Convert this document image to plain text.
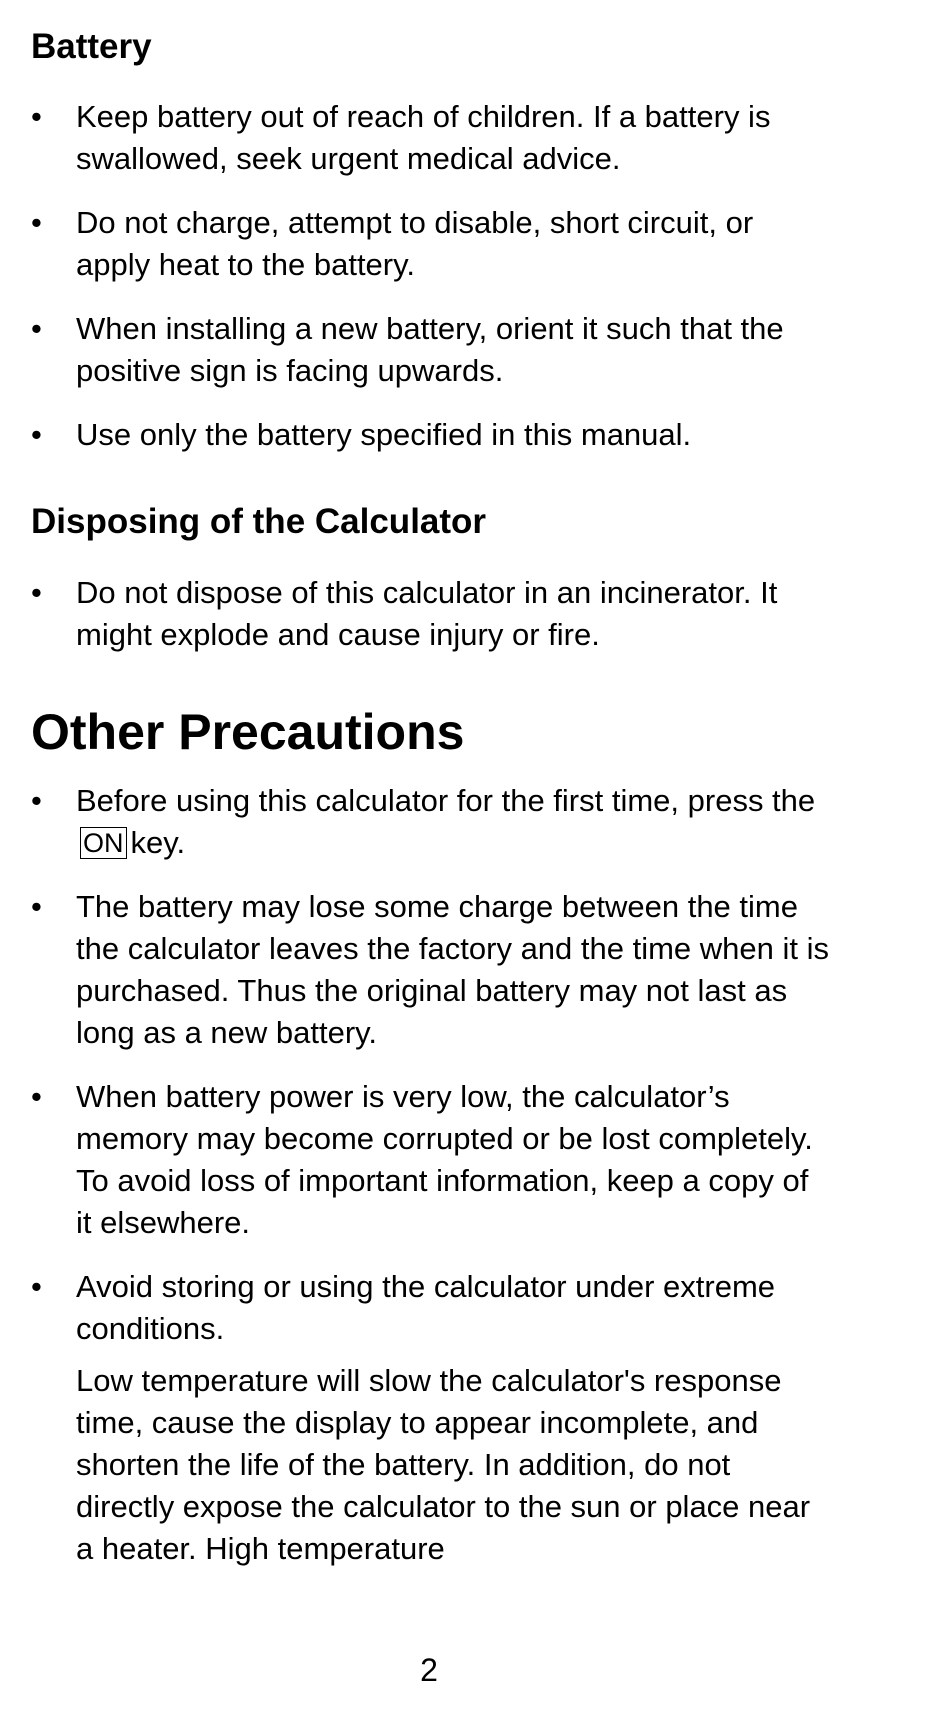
Battery
• Keep battery out of reach of children. If a battery is swallowed, seek urgent medical advice.
• Do not charge, attempt to disable, short circuit, or apply heat to the battery.
• When installing a new battery, orient it such that the positive sign is facing upwards.
• Use only the battery specified in this manual.
Disposing of the Calculator
• Do not dispose of this calculator in an incinerator. It might explode and cause injury or fire.
Other Precautions
• Before using this calculator for the first time, press the ON key.
• The battery may lose some charge between the time the calculator leaves the factory and the time when it is purchased. Thus the original battery may not last as long as a new battery.
• When battery power is very low, the calculator’s memory may become corrupted or be lost completely. To avoid loss of important information, keep a copy of it elsewhere.
• Avoid storing or using the calculator under extreme conditions.
Low temperature will slow the calculator's response time, cause the display to appear incomplete, and shorten the life of the battery. In addition, do not directly expose the calculator to the sun or place near a heater. High temperature
2
